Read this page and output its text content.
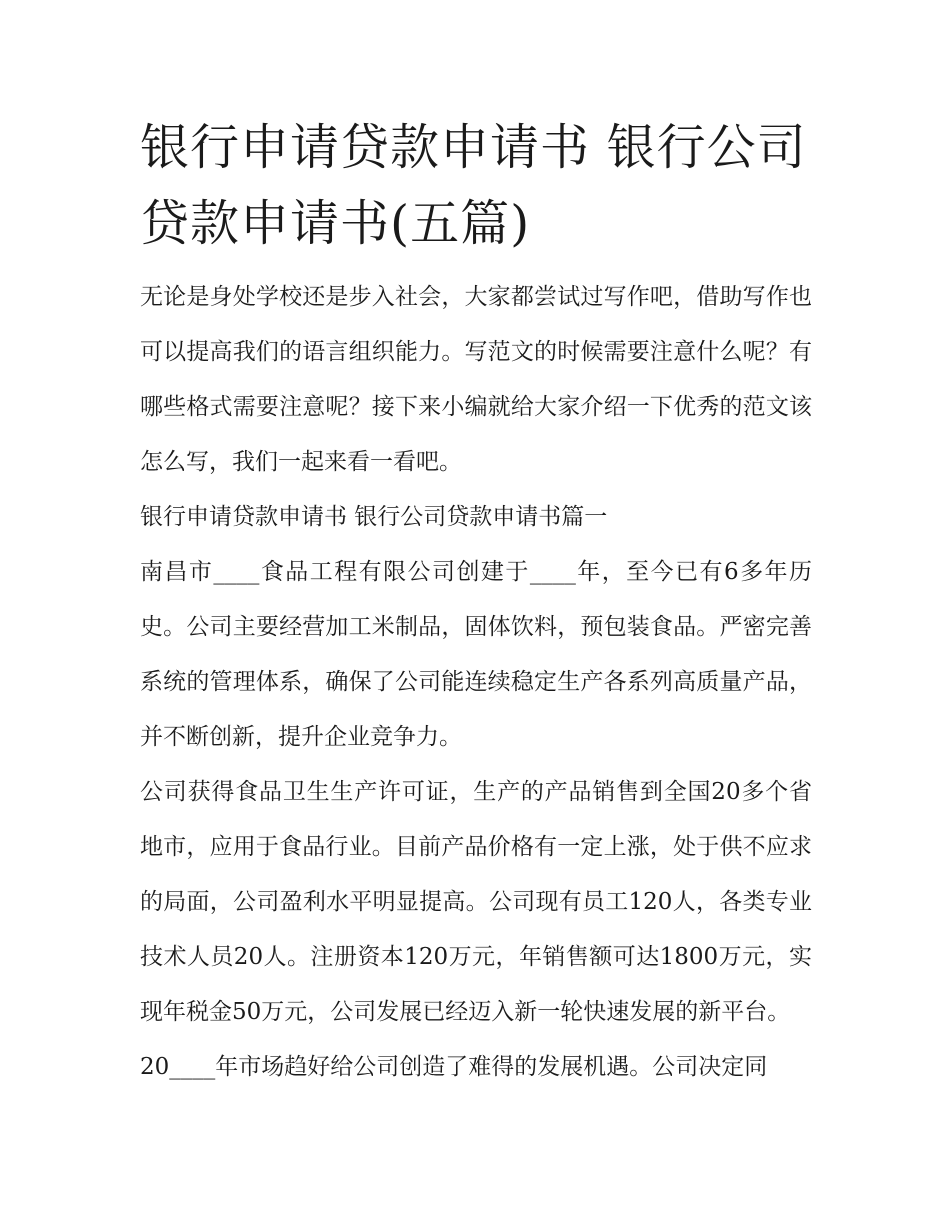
银行申请贷款申请书 银行公司贷款申请书(五篇)

无论是身处学校还是步入社会，大家都尝试过写作吧，借助写作也可以提高我们的语言组织能力。写范文的时候需要注意什么呢？有哪些格式需要注意呢？接下来小编就给大家介绍一下优秀的范文该怎么写，我们一起来看一看吧。

银行申请贷款申请书 银行公司贷款申请书篇一

南昌市____食品工程有限公司创建于____年，至今已有6多年历史。公司主要经营加工米制品，固体饮料，预包装食品。严密完善系统的管理体系，确保了公司能连续稳定生产各系列高质量产品，并不断创新，提升企业竞争力。

公司获得食品卫生生产许可证，生产的产品销售到全国20多个省地市，应用于食品行业。目前产品价格有一定上涨，处于供不应求的局面，公司盈利水平明显提高。公司现有员工120人，各类专业技术人员20人。注册资本120万元，年销售额可达1800万元，实现年税金50万元，公司发展已经迈入新一轮快速发展的新平台。

20____年市场趋好给公司创造了难得的发展机遇。公司决定同
